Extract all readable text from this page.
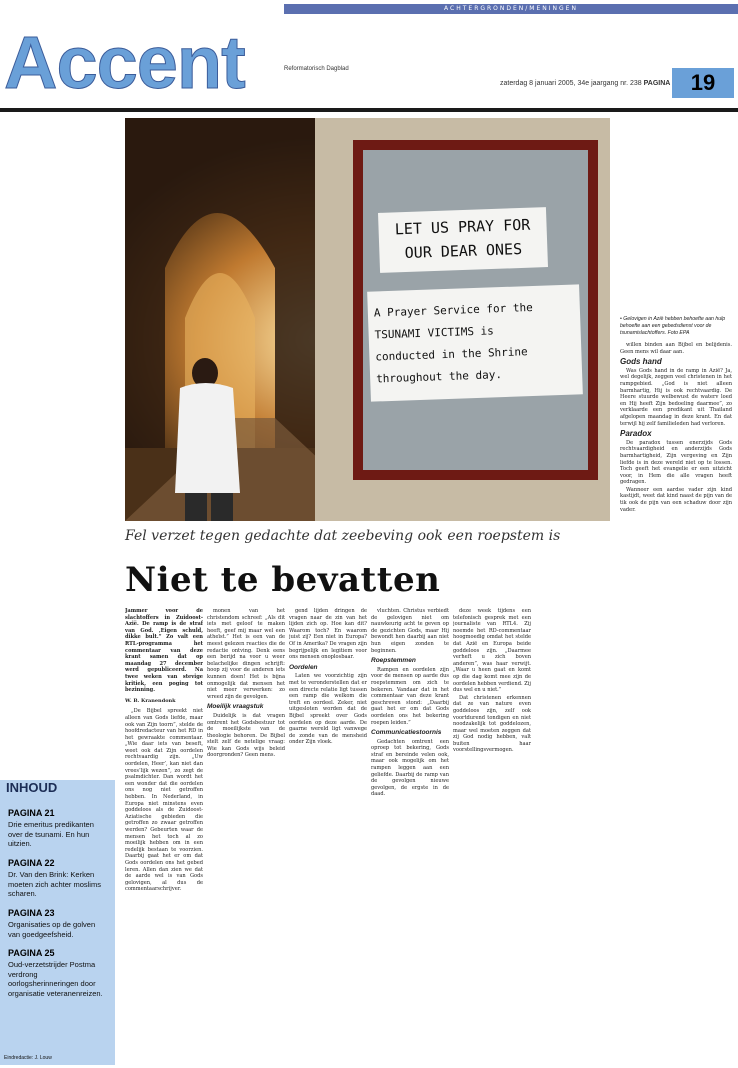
ACHTERGRONDEN/MENINGEN
Accent	Reformatorisch Dagblad
zaterdag 8 januari 2005, 34e jaargang nr. 238 PAGINA 19
LET US PRAY FOR
OUR DEAR ONES
A Prayer Service for the
TSUNAMI VICTIMS is
conducted in the Shrine
throughout the day.
• Gelovigen in Azië hebben behoefte aan hulp behoefte aan een gebedsdienst voor de tsunamislachtoffers. Foto EPA
Fel verzet tegen gedachte dat zeebeving ook een roepstem is
Niet te bevatten

Jammer voor de slachtoffers in Zuidoost-Azië. De ramp is de straf van God. ‚Eigen schuld, dikke bult.” Zo valt een RTL-programma het commentaar van deze krant samen dat op maandag 27 december werd gepubliceerd. Na twee weken van stevige kritiek, een poging tot bezinning.

W. B. Kranendonk

„De Bijbel spreekt niet alleen van Gods liefde, maar ook van Zijn toorn”, stelde de hoofdredacteur van het RD in het gewraakte commentaar. „Wie daar iets van beseft, weet ook dat Zijn oordelen rechtvaardig zijn. „Uw oordelen, Heer’, kan niet dan vrees’lijk wezen”, zo zegt de psalmdichter. Dan wordt het een wonder dat die oordelen ons nog niet getroffen hebben. In Nederland, in Europa niet minstens even goddeloos als de Zuidoost-Aziatische gebieden die getroffen zo zwaar getroffen werden? Gebeurten waar de mensen het toch al zo moeilijk hebben om in een redelijk bestaan te voorzien. Daarbij gaat het er om dat Gods oordelen ons het gebed leren. Allen dan zien we dat de aarde wel is van Gods gelovigen, al dus de commentaarschrijver.

monen van het christendom schreef: „Als dit iets met geloof te maken heeft, geef mij maar wel een atheïst.” Het is een van de meest gelezen reacties die de redactie ontving. Denk eens een berijd na voor u weer belachelijke dingen schrijft: hoop zij voor de anderen iets kunnen doen! Het is bijna onmogelijk dat mensen het niet meer verwerken: zo wreed zijn de gevolgen.

Moeilijk vraagstuk

Duidelijk is dat vragen omtrent het Godsbestuur tot de moeilijkste van de theologie behoren. De Bijbel stelt zelf de netelige vraag: Wie kan Gods wijs beleid doorgronden? Geen mens.

gend lijden dringen de vragen naar de zin van het lijden zich op. Hoe kan dit? Waarom toch? En waarom juist zij? Een niet in Europa? Of in Amerika? De vragen zijn begrijpelijk en legitiem voor ons mensen onoplosbaar.

Oordelen

Laten we voorzichtig zijn met te veronderstellen dat er een directe relatie ligt tussen een ramp die welkom die treft en oordeel. Zeker, niet uitgesloten worden dat de Bijbel spreekt over Gods oordelen op deze aarde. De gaarne wereld ligt vanwege de zonde van de mensheid onder Zijn vloek.

vluchten. Christus verbiedt de gelovigen niet om nauwkeurig acht te geven op de gezichten Gods, maar Hij bewondt hen daarbij aan niet hun eigen zonden te beginnen.

Roepstemmen

Rampen en oordelen zijn voor de mensen op aarde dus roepstemmen om zich te bekeren. Vandaar dat in het commentaar van deze krant geschreven stond: „Daarbij gaat het er om dat Gods oordelen ons het bekering roepen leiden.”

Communicatiestoornis

Gedachten omtrent een oproep tot bekering, Gods straf en bereinde velen ook, maar ook mogelijk om het rampen leggen aan een geliefde. Daarbij de ramp van de gevolgen nieuwe gevolgen, de ergste in de daad.

deze week tijdens een telefonisch gesprek met een journaliste van RTL4. Zij noemde het RD-commentaar hoogmoedig omdat het stelde dat Azië en Europa beide goddeloos zijn. „Daarmee verheft u zich boven anderen”, was haar verwijt. „Waar u heen gaat en komt op die dag komt mee zijn de oordelen hebben verdiend. Zij dus wel en u niet.”

Dat christenen erkennen dat ze van nature even goddeloos zijn, zelf ook voortdurend tondigen en niet noodzakelijk tot goddelozen, maar wel moeten zeggen dat zij God nodig hebben, valt buiten haar voorstellingsvermogen.

willen binden aan Bijbel en belijdenis. Geen mens wil daar aan.

Gods hand

Was Gods hand in de ramp in Azië? Ja, wel degelijk, zeggen veel christenen in het rampgebied. „God is niet alleen barmhartig, Hij is ook rechtvaardig. De Heere stuurde welbewust de waterv loed en Hij heeft Zijn bedoeling daarmee”, zo verklaarde een predikant uit Thailand afgelopen maandag in deze krant. En dat terwijl hij zelf familieleden had verloren.

Paradox

De paradox tussen enerzijds Gods rechtvaardigheid en anderzijds Gods barmhartigheid, Zijn vergeving en Zijn liefde is in deze wereld niet op te lossen. Toch geeft het evangelie er een uitzicht voor, in Hem die alle vragen heeft gedragen.

Wanneer een aardse vader zijn kind kastijdt, weet dat kind naast de pijn van de tik ook de pijn van een schaduw door zijn vader.

INHOUD
PAGINA 21
Drie emeritus predikanten over de tsunami. En hun uitzien.
PAGINA 22
Dr. Van den Brink: Kerken moeten zich achter moslims scharen.
PAGINA 23
Organisaties op de golven van goedgeefsheid.
PAGINA 25
Oud-verzetstrijder Postma verdrong oorlogsherinneringen door organisatie veteranenreizen.
Eindredactie: J. Louw
